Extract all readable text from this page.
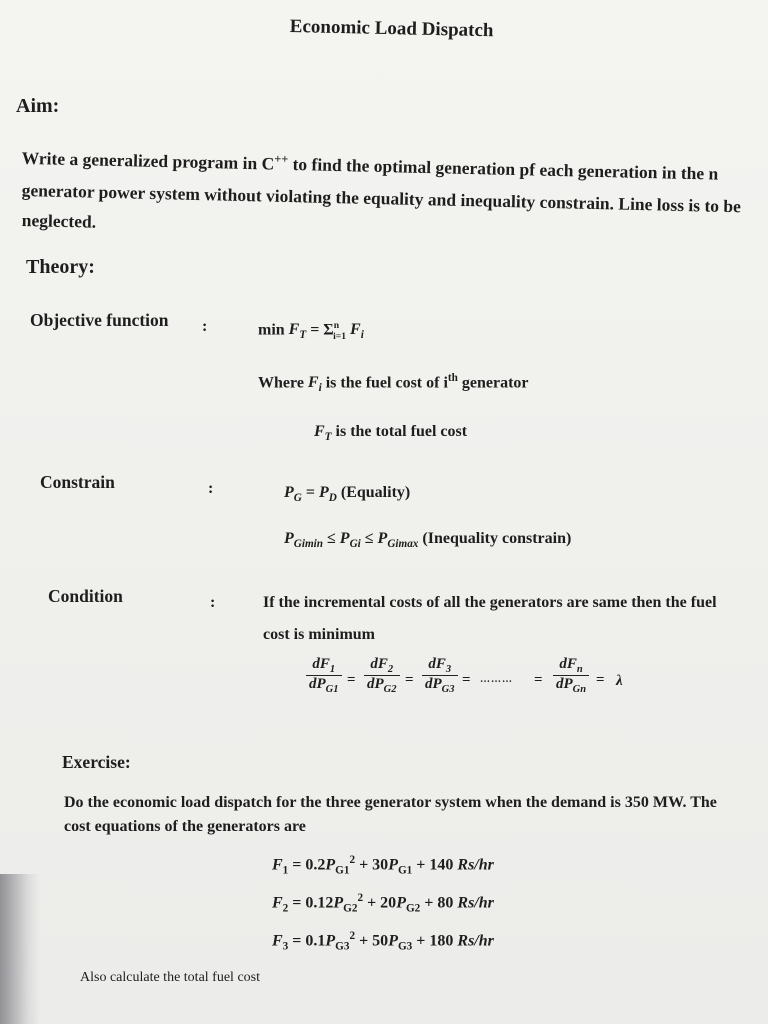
Economic Load Dispatch
Aim:
Write a generalized program in C++ to find the optimal generation pf each generation in the n
generator power system without violating the equality and inequality constrain. Line loss is to be
neglected.
Theory:
Objective function :	$\min F_T = \Sigma^n_{i=1}$ $F_i$
Where $F_i$ is the fuel cost of $i^{th}$ generator
$F_T$ is the total fuel cost
Constrain	:	$P_G = P_D$ (Equality)
$P_{Gimin} \le P_{Gi} \le P_{Gimax}$ (Inequality constrain)
Condition	:	If the incremental costs of all the generators are same then the fuel
cost is minimum
$dF_1$
$dP_{G1}$
=
$dF_2$
$dP_{G2}$
=
$dF_3$
$dP_{G3}$
= ……… =
$dF_n$
$dP_{Gn}$
= λ
Exercise:
Do the economic load dispatch for the three generator system when the demand is 350 MW. The
cost equations of the generators are
$F_1 = 0.2P_{G1}^2 + 30P_{G1} + 140$ Rs/hr
$F_2 = 0.12P_{G2}^2 + 20P_{G2} + 80$ Rs/hr
$F_3 = 0.1P_{G3}^2 + 50P_{G3} + 180$ Rs/hr
Also calculate the total fuel cost
